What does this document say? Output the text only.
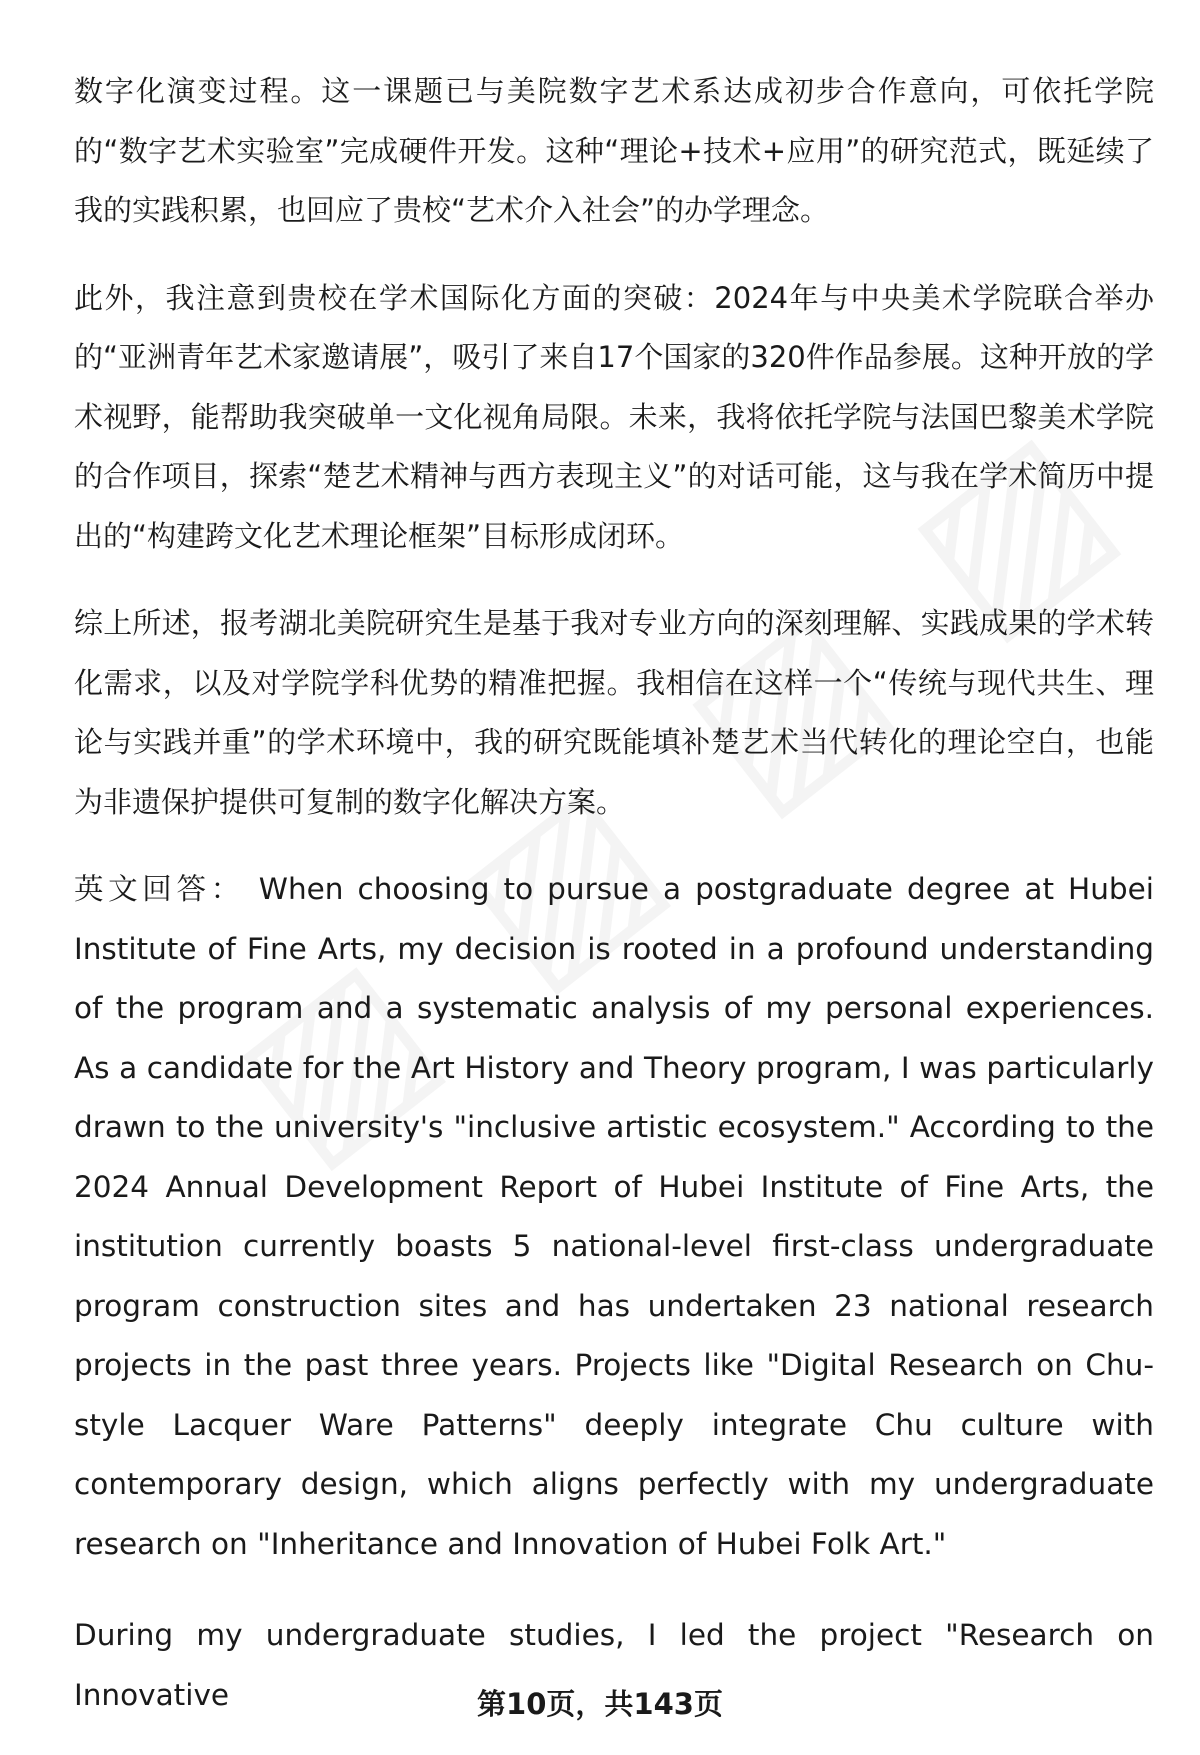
数字化演变过程。这一课题已与美院数字艺术系达成初步合作意向，可依托学院的“数字艺术实验室”完成硬件开发。这种“理论+技术+应用”的研究范式，既延续了我的实践积累，也回应了贵校“艺术介入社会”的办学理念。

此外，我注意到贵校在学术国际化方面的突破：2024年与中央美术学院联合举办的“亚洲青年艺术家邀请展”，吸引了来自17个国家的320件作品参展。这种开放的学术视野，能帮助我突破单一文化视角局限。未来，我将依托学院与法国巴黎美术学院的合作项目，探索“楚艺术精神与西方表现主义”的对话可能，这与我在学术简历中提出的“构建跨文化艺术理论框架”目标形成闭环。

综上所述，报考湖北美院研究生是基于我对专业方向的深刻理解、实践成果的学术转化需求，以及对学院学科优势的精准把握。我相信在这样一个“传统与现代共生、理论与实践并重”的学术环境中，我的研究既能填补楚艺术当代转化的理论空白，也能为非遗保护提供可复制的数字化解决方案。

英文回答： When choosing to pursue a postgraduate degree at Hubei Institute of Fine Arts, my decision is rooted in a profound understanding of the program and a systematic analysis of my personal experiences. As a candidate for the Art History and Theory program, I was particularly drawn to the university's "inclusive artistic ecosystem." According to the 2024 Annual Development Report of Hubei Institute of Fine Arts, the institution currently boasts 5 national-level first-class undergraduate program construction sites and has undertaken 23 national research projects in the past three years. Projects like "Digital Research on Chu-style Lacquer Ware Patterns" deeply integrate Chu culture with contemporary design, which aligns perfectly with my undergraduate research on "Inheritance and Innovation of Hubei Folk Art."

During my undergraduate studies, I led the project "Research on Innovative	第10页，共143页
